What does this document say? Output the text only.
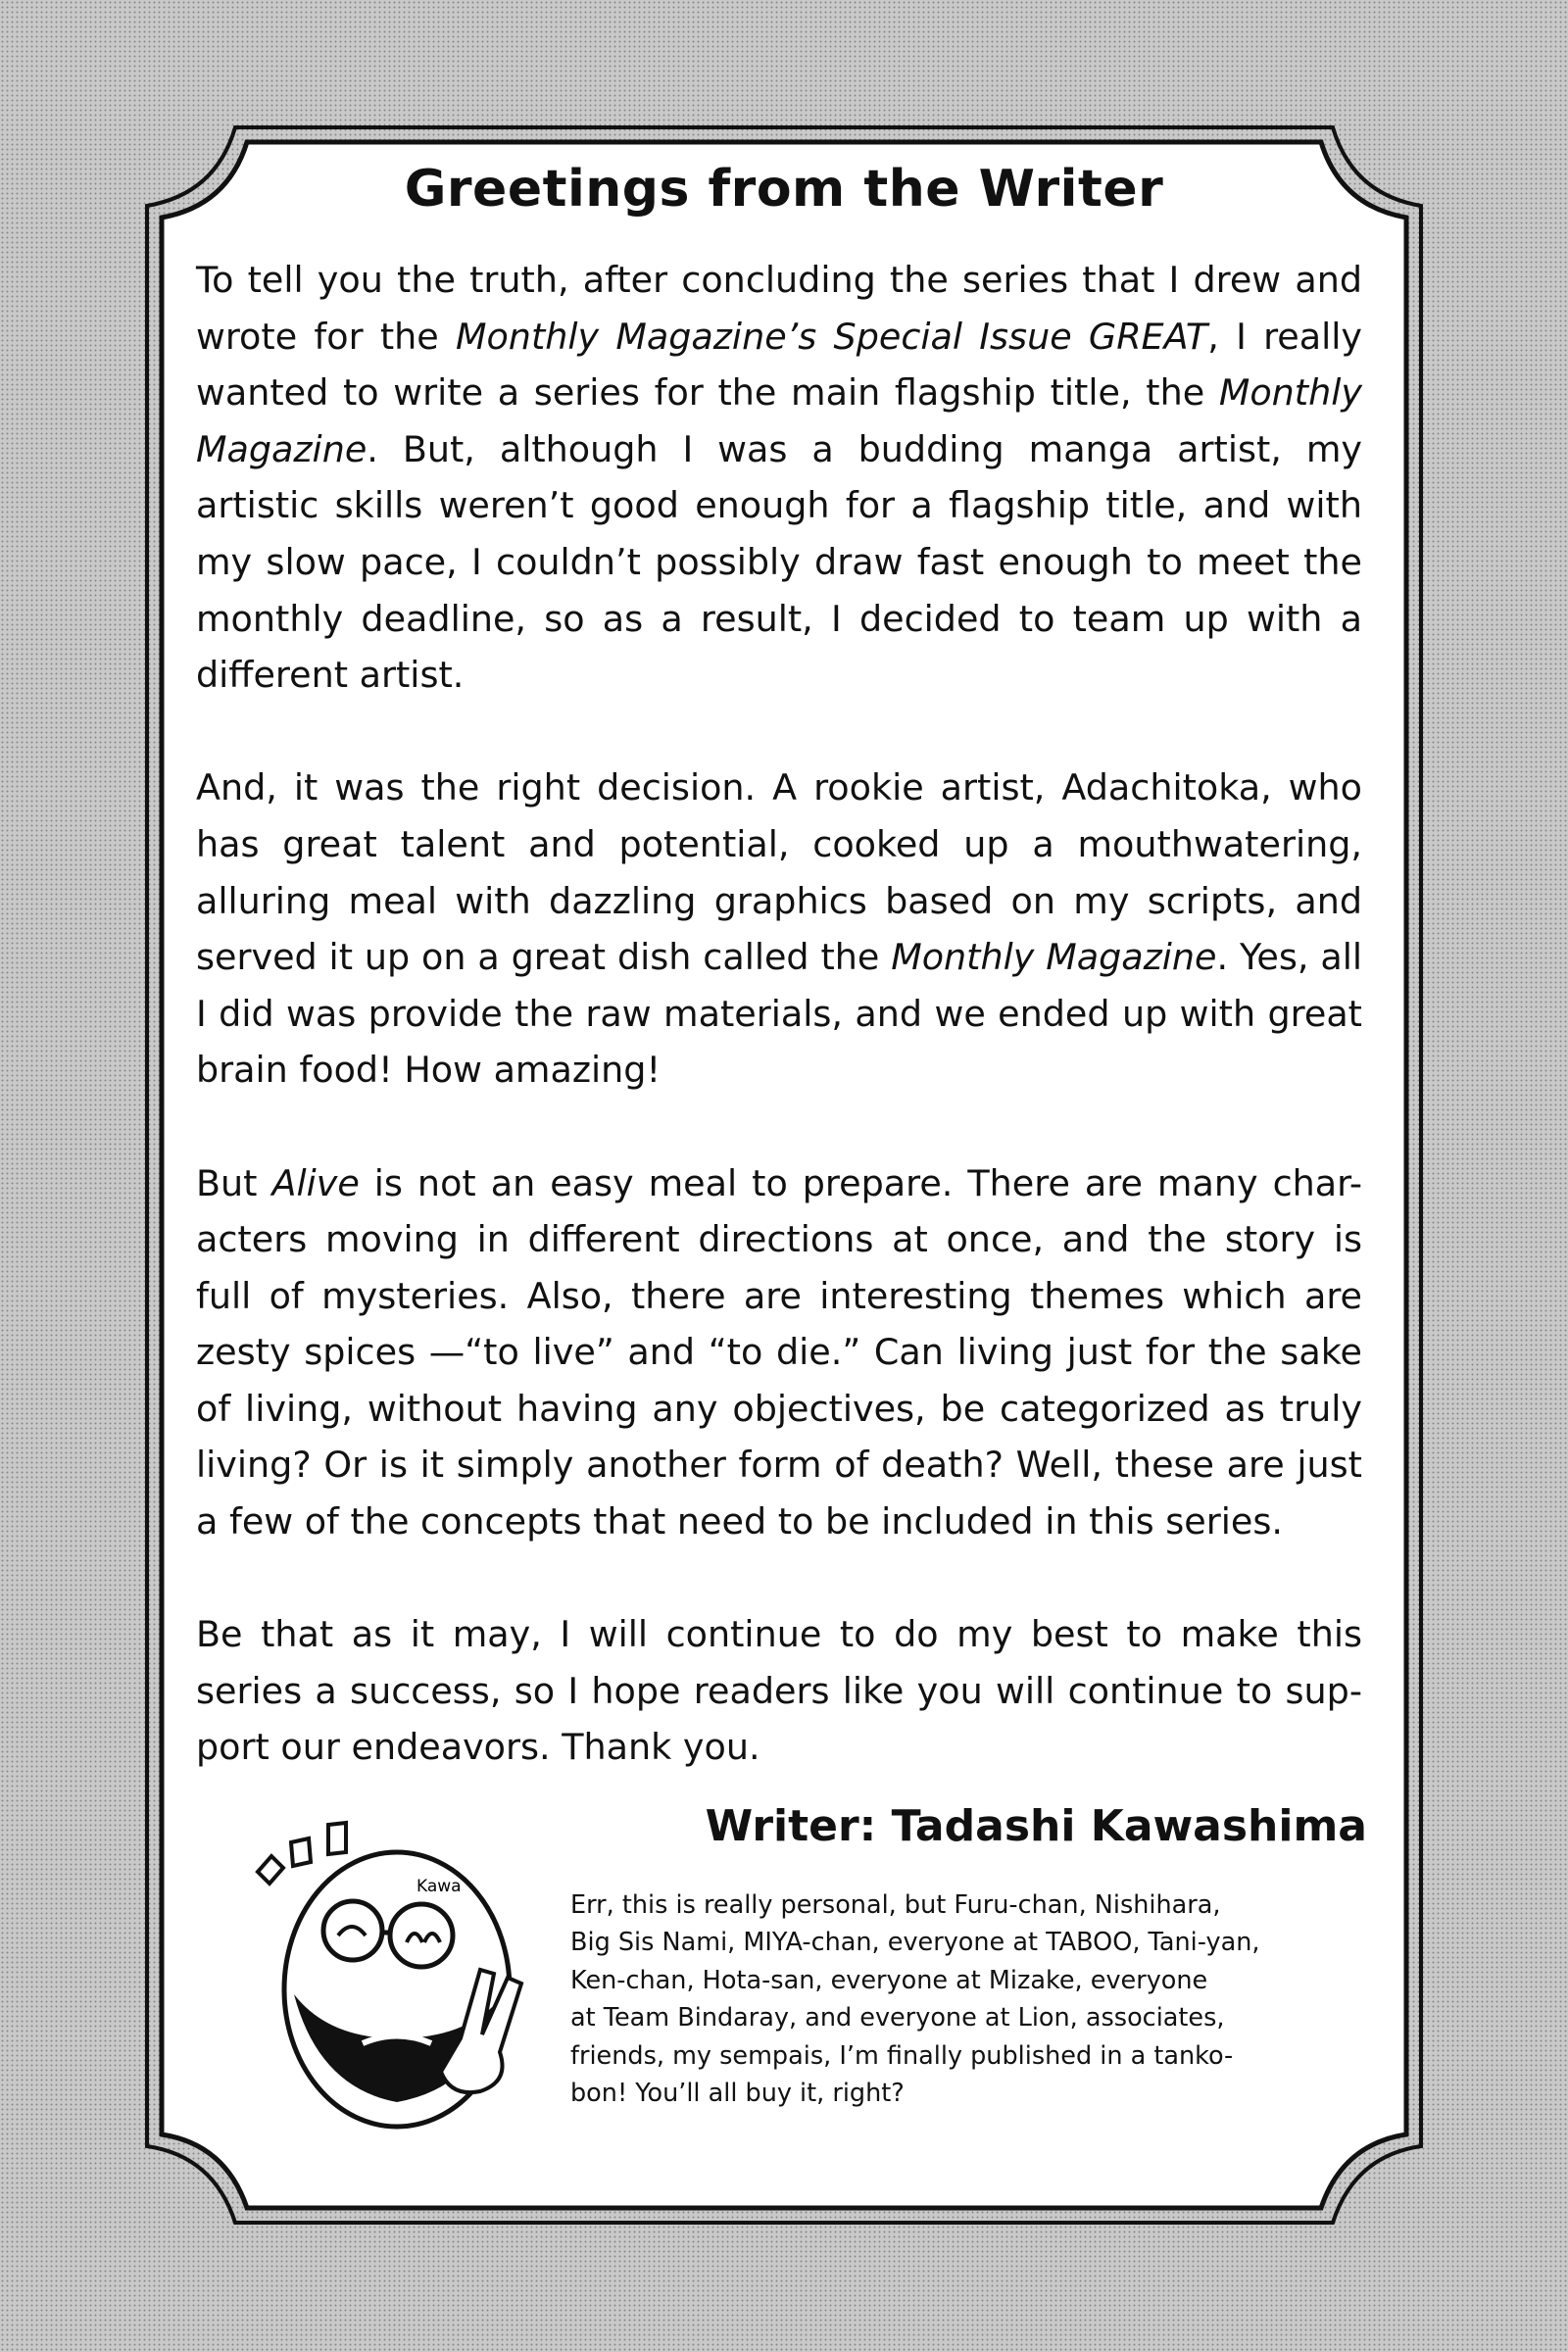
Greetings from the Writer

To tell you the truth, after concluding the series that I drew and
wrote for the Monthly Magazine’s Special Issue GREAT, I really
wanted to write a series for the main flagship title, the Monthly
Magazine. But, although I was a budding manga artist, my
artistic skills weren’t good enough for a flagship title, and with
my slow pace, I couldn’t possibly draw fast enough to meet the
monthly deadline, so as a result, I decided to team up with a
different artist.

And, it was the right decision. A rookie artist, Adachitoka, who
has great talent and potential, cooked up a mouthwatering,
alluring meal with dazzling graphics based on my scripts, and
served it up on a great dish called the Monthly Magazine. Yes, all
I did was provide the raw materials, and we ended up with great
brain food! How amazing!

But Alive is not an easy meal to prepare. There are many char-
acters moving in different directions at once, and the story is
full of mysteries. Also, there are interesting themes which are
zesty spices —“to live” and “to die.” Can living just for the sake
of living, without having any objectives, be categorized as truly
living? Or is it simply another form of death? Well, these are just
a few of the concepts that need to be included in this series.

Be that as it may, I will continue to do my best to make this
series a success, so I hope readers like you will continue to sup-
port our endeavors. Thank you.

Kawa
Writer: Tadashi Kawashima
Err, this is really personal, but Furu-chan, Nishihara,
Big Sis Nami, MIYA-chan, everyone at TABOO, Tani-yan,
Ken-chan, Hota-san, everyone at Mizake, everyone
at Team Bindaray, and everyone at Lion, associates,
friends, my sempais, I’m finally published in a tanko-
bon! You’ll all buy it, right?
